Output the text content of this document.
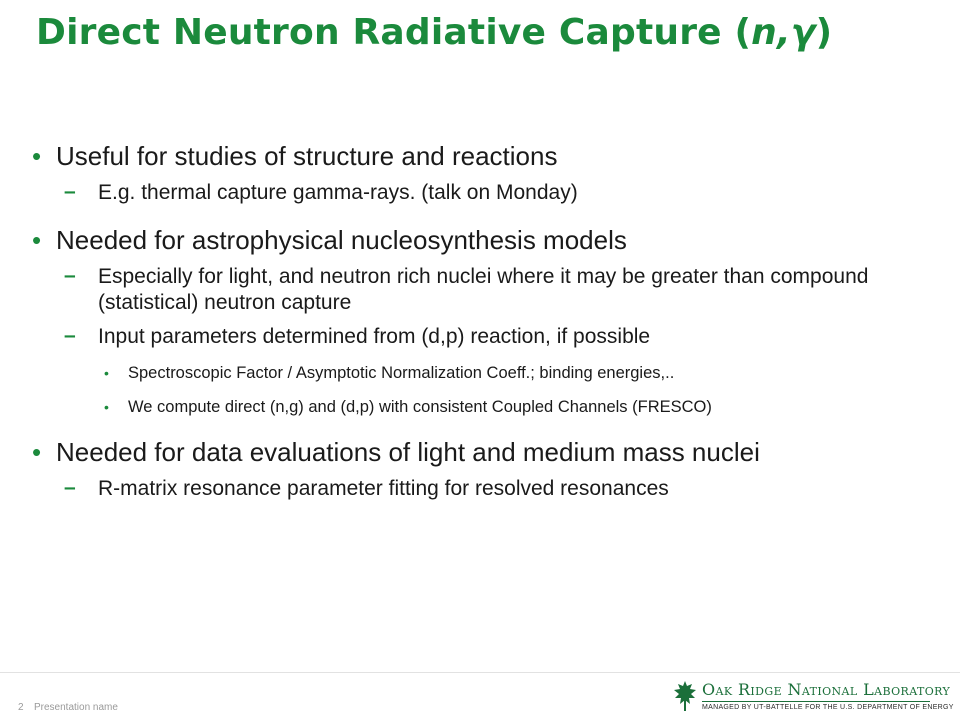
Direct Neutron Radiative Capture (n,γ)
• Useful for studies of structure and reactions
– E.g. thermal capture gamma-rays. (talk on Monday)
• Needed for astrophysical nucleosynthesis models
– Especially for light, and neutron rich nuclei where it may be greater than compound (statistical) neutron capture
– Input parameters determined from (d,p) reaction, if possible
• Spectroscopic Factor / Asymptotic Normalization Coeff.; binding energies,..
• We compute direct (n,g) and (d,p) with consistent Coupled Channels (FRESCO)
• Needed for data evaluations of light and medium mass nuclei
– R-matrix resonance parameter fitting for resolved resonances
2 Presentation name
Oak Ridge National Laboratory
MANAGED BY UT-BATTELLE FOR THE U.S. DEPARTMENT OF ENERGY
